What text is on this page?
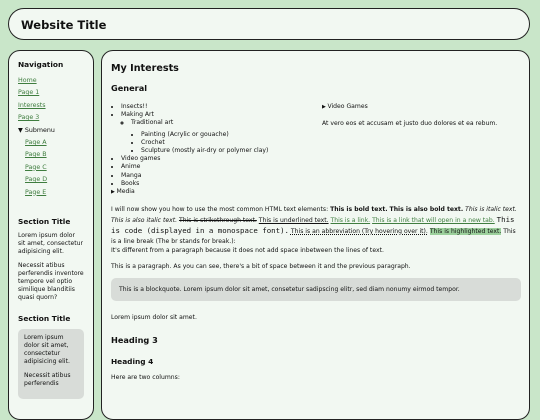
Website Title
Navigation
Home
Page 1
Interests
Page 3
▼ Submenu
Page A
Page B
Page C
Page D
Page E
Section Title

Lorem ipsum dolor sit amet, consectetur adipisicing elit.

Necessit atibus perferendis inventore tempore vel optio similique blanditiis quasi quorn?

Section Title

Lorem ipsum dolor sit amet, consectetur adipisicing elit.

Necessit atibus perferendis

My Interests
General
• Insects!!
• Making Art
◦ Traditional art
• Painting (Acrylic or gouache)
• Crochet
• Sculpture (mostly air-dry or polymer clay)
• Video games
• Anime
• Manga
• Books
▶ Media
▶ Video Games

At vero eos et accusam et justo duo dolores et ea rebum.

I will now show you how to use the most common HTML text elements: This is bold text. This is also bold text. This is italic text. This is also italic text. This is strikethrough text. This is underlined text. This is a link. This is a link that will open in a new tab. This is code (displayed in a monospace font). This is an abbreviation (Try hovering over it). This is highlighted text. This is a line break (The br stands for break.):
It's different from a paragraph because it does not add space inbetween the lines of text.

This is a paragraph. As you can see, there's a bit of space between it and the previous paragraph.

This is a blockquote. Lorem ipsum dolor sit amet, consetetur sadipscing elitr, sed diam nonumy eirmod tempor.

Lorem ipsum dolor sit amet.

Heading 3
Heading 4

Here are two columns:
